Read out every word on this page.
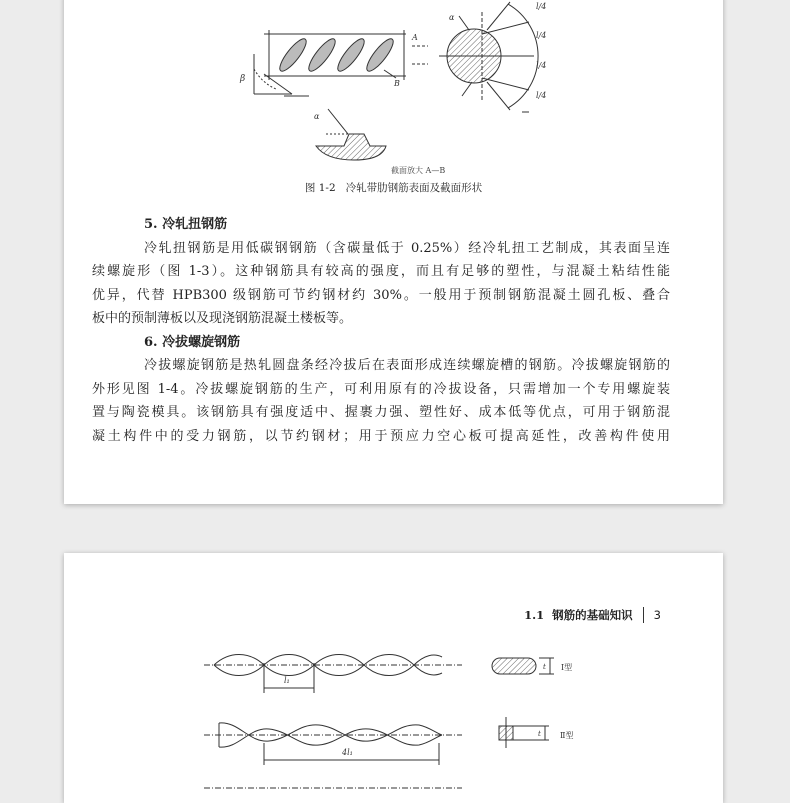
β	B
A
α
l/4
l/4
l/4
l/4
α
截面放大 A—B
图 1-2 冷轧带肋钢筋表面及截面形状
5. 冷轧扭钢筋
冷轧扭钢筋是用低碳钢钢筋（含碳量低于 0.25%）经冷轧扭工艺制成，其表面呈连
续螺旋形（图 1-3）。这种钢筋具有较高的强度，而且有足够的塑性，与混凝土粘结性能
优异，代替 HPB300 级钢筋可节约钢材约 30%。一般用于预制钢筋混凝土圆孔板、叠合
板中的预制薄板以及现浇钢筋混凝土楼板等。
6. 冷拔螺旋钢筋
冷拔螺旋钢筋是热轧圆盘条经冷拔后在表面形成连续螺旋槽的钢筋。冷拔螺旋钢筋的
外形见图 1-4。冷拔螺旋钢筋的生产，可利用原有的冷拔设备，只需增加一个专用螺旋装
置与陶瓷模具。该钢筋具有强度适中、握裹力强、塑性好、成本低等优点，可用于钢筋混
凝土构件中的受力钢筋，以节约钢材；用于预应力空心板可提高延性，改善构件使用
1.1 钢筋的基础知识 3
l₁
t Ⅰ型
4l₁
t Ⅱ型
